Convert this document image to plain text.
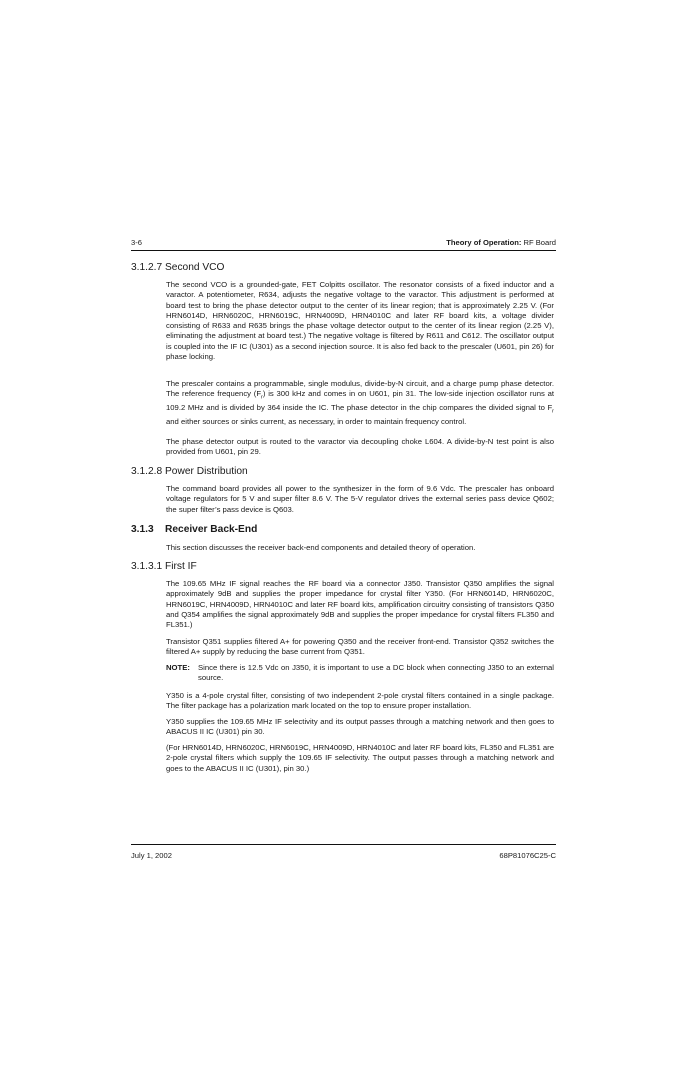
3-6	Theory of Operation: RF Board
3.1.2.7 Second VCO

The second VCO is a grounded-gate, FET Colpitts oscillator. The resonator consists of a fixed inductor and a varactor. A potentiometer, R634, adjusts the negative voltage to the varactor. This adjustment is performed at board test to bring the phase detector output to the center of its linear region; that is approximately 2.25 V. (For HRN6014D, HRN6020C, HRN6019C, HRN4009D, HRN4010C and later RF board kits, a voltage divider consisting of R633 and R635 brings the phase voltage detector output to the center of its linear region (2.25 V), eliminating the adjustment at board test.) The negative voltage is filtered by R611 and C612. The oscillator output is coupled into the IF IC (U301) as a second injection source. It is also fed back to the prescaler (U601, pin 26) for phase locking.

The prescaler contains a programmable, single modulus, divide-by-N circuit, and a charge pump phase detector. The reference frequency $(F_r)$ is 300 kHz and comes in on U601, pin 31. The low-side injection oscillator runs at 109.2 MHz and is divided by 364 inside the IC. The phase detector in the chip compares the divided signal to $F_r$ and either sources or sinks current, as necessary, in order to maintain frequency control.

The phase detector output is routed to the varactor via decoupling choke L604. A divide-by-N test point is also provided from U601, pin 29.

3.1.2.8 Power Distribution

The command board provides all power to the synthesizer in the form of 9.6 Vdc. The prescaler has onboard voltage regulators for 5 V and super filter 8.6 V. The 5-V regulator drives the external series pass device Q602; the super filter’s pass device is Q603.

3.1.3 Receiver Back-End

This section discusses the receiver back-end components and detailed theory of operation.

3.1.3.1 First IF

The 109.65 MHz IF signal reaches the RF board via a connector J350. Transistor Q350 amplifies the signal approximately 9dB and supplies the proper impedance for crystal filter Y350. (For HRN6014D, HRN6020C, HRN6019C, HRN4009D, HRN4010C and later RF board kits, amplification circuitry consisting of transistors Q350 and Q354 amplifies the signal approximately 9dB and supplies the proper impedance for crystal filters FL350 and FL351.)

Transistor Q351 supplies filtered A+ for powering Q350 and the receiver front-end. Transistor Q352 switches the filtered A+ supply by reducing the base current from Q351.

NOTE: Since there is 12.5 Vdc on J350, it is important to use a DC block when connecting J350 to an external source.

Y350 is a 4-pole crystal filter, consisting of two independent 2-pole crystal filters contained in a single package. The filter package has a polarization mark located on the top to ensure proper installation.

Y350 supplies the 109.65 MHz IF selectivity and its output passes through a matching network and then goes to ABACUS II IC (U301) pin 30.

(For HRN6014D, HRN6020C, HRN6019C, HRN4009D, HRN4010C and later RF board kits, FL350 and FL351 are 2-pole crystal filters which supply the 109.65 IF selectivity. The output passes through a matching network and goes to the ABACUS II IC (U301), pin 30.)

July 1, 2002	68P81076C25-C
